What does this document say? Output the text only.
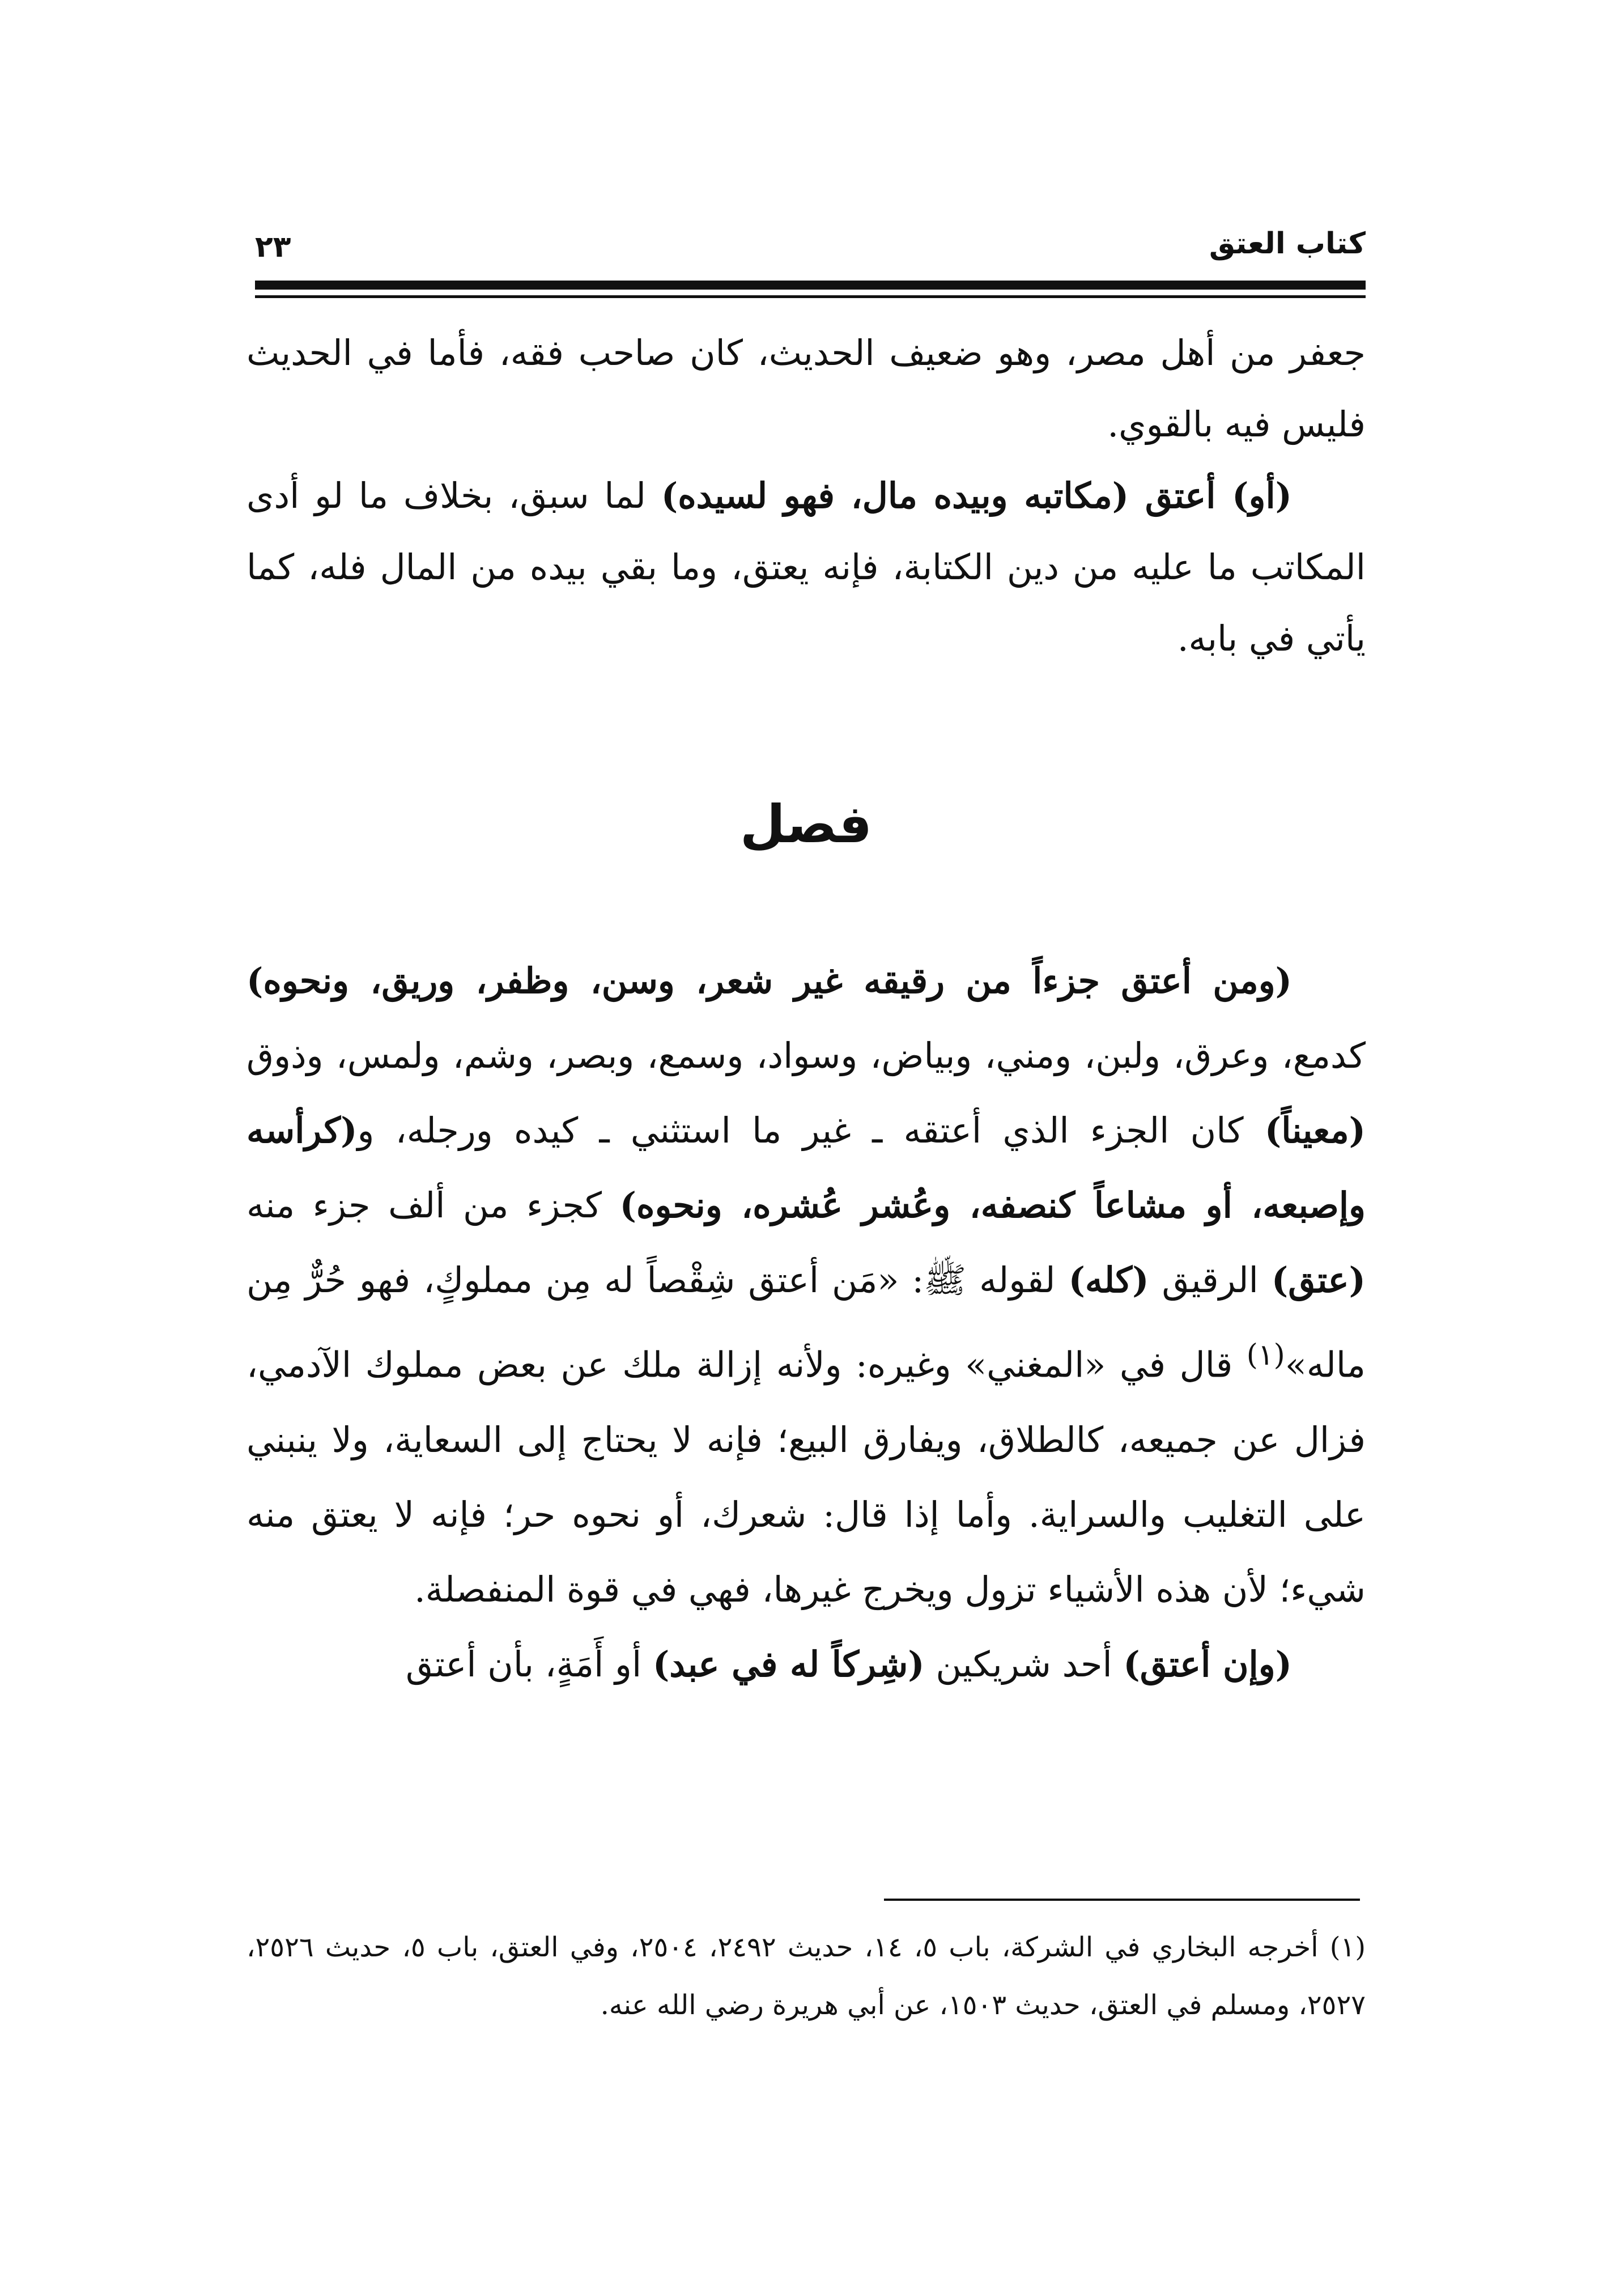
كتاب العتق
٢٣

جعفر من أهل مصر، وهو ضعيف الحديث، كان صاحب فقه، فأما في الحديث فليس فيه بالقوي.

(أو) أعتق (مكاتبه وبيده مال، فهو لسيده) لما سبق، بخلاف ما لو أدى المكاتب ما عليه من دين الكتابة، فإنه يعتق، وما بقي بيده من المال فله، كما يأتي في بابه.

فصل

(ومن أعتق جزءاً من رقيقه غير شعر، وسن، وظفر، وريق، ونحوه) كدمع، وعرق، ولبن، ومني، وبياض، وسواد، وسمع، وبصر، وشم، ولمس، وذوق (معيناً) كان الجزء الذي أعتقه ـ غير ما استثني ـ كيده ورجله، و(كرأسه وإصبعه، أو مشاعاً كنصفه، وعُشر عُشره، ونحوه) كجزء من ألف جزء منه (عتق) الرقيق (كله) لقوله ﷺ: «مَن أعتق شِقْصاً له مِن مملوكٍ، فهو حُرٌّ مِن ماله»$^{(١)}$ قال في «المغني» وغيره: ولأنه إزالة ملك عن بعض مملوك الآدمي، فزال عن جميعه، كالطلاق، ويفارق البيع؛ فإنه لا يحتاج إلى السعاية، ولا ينبني على التغليب والسراية. وأما إذا قال: شعرك، أو نحوه حر؛ فإنه لا يعتق منه شيء؛ لأن هذه الأشياء تزول ويخرج غيرها، فهي في قوة المنفصلة.

(وإن أعتق) أحد شريكين (شِركاً له في عبد) أو أَمَةٍ، بأن أعتق

(١) أخرجه البخاري في الشركة، باب ٥، ١٤، حديث ٢٤٩٢، ٢٥٠٤، وفي العتق، باب ٥، حديث ٢٥٢٦، ٢٥٢٧، ومسلم في العتق، حديث ١٥٠٣، عن أبي هريرة رضي الله عنه.
